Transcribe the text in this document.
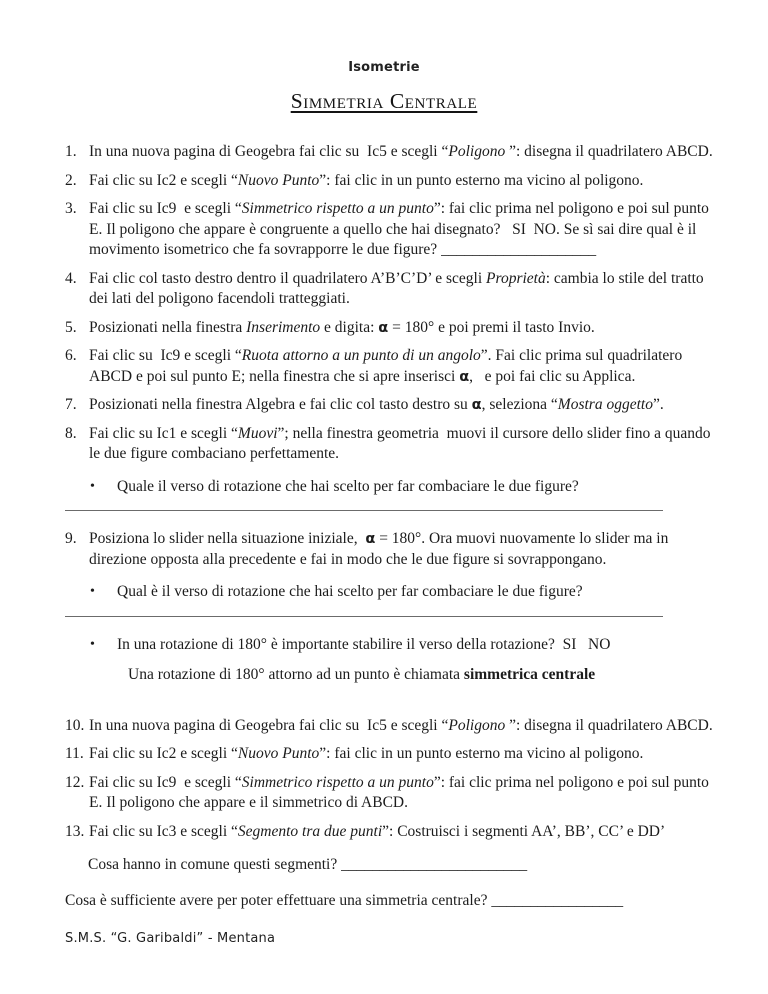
Isometrie
Simmetria Centrale
1. In una nuova pagina di Geogebra fai clic su  Ic5 e scegli “Poligono ”: disegna il quadrilatero ABCD.
2. Fai clic su Ic2 e scegli “Nuovo Punto”: fai clic in un punto esterno ma vicino al poligono.
3. Fai clic su Ic9  e scegli “Simmetrico rispetto a un punto”: fai clic prima nel poligono e poi sul punto E. Il poligono che appare è congruente a quello che hai disegnato?   SI  NO. Se sì sai dire qual è il movimento isometrico che fa sovrapporre le due figure? ____________________
4. Fai clic col tasto destro dentro il quadrilatero A’B’C’D’ e scegli Proprietà: cambia lo stile del tratto dei lati del poligono facendoli tratteggiati.
5. Posizionati nella finestra Inserimento e digita: α = 180° e poi premi il tasto Invio.
6. Fai clic su  Ic9 e scegli “Ruota attorno a un punto di un angolo”. Fai clic prima sul quadrilatero ABCD e poi sul punto E; nella finestra che si apre inserisci α,   e poi fai clic su Applica.
7. Posizionati nella finestra Algebra e fai clic col tasto destro su α, seleziona “Mostra oggetto”.
8. Fai clic su Ic1 e scegli “Muovi”; nella finestra geometria  muovi il cursore dello slider fino a quando le due figure combaciano perfettamente.
•	Quale il verso di rotazione che hai scelto per far combaciare le due figure?
9. Posiziona lo slider nella situazione iniziale,  α = 180°. Ora muovi nuovamente lo slider ma in direzione opposta alla precedente e fai in modo che le due figure si sovrappongano.
•	Qual è il verso di rotazione che hai scelto per far combaciare le due figure?
•	In una rotazione di 180° è importante stabilire il verso della rotazione?  SI   NO
Una rotazione di 180° attorno ad un punto è chiamata simmetrica centrale
10. In una nuova pagina di Geogebra fai clic su  Ic5 e scegli “Poligono ”: disegna il quadrilatero ABCD.
11. Fai clic su Ic2 e scegli “Nuovo Punto”: fai clic in un punto esterno ma vicino al poligono.
12. Fai clic su Ic9  e scegli “Simmetrico rispetto a un punto”: fai clic prima nel poligono e poi sul punto E. Il poligono che appare e il simmetrico di ABCD.
13. Fai clic su Ic3 e scegli “Segmento tra due punti”: Costruisci i segmenti AA’, BB’, CC’ e DD’
Cosa hanno in comune questi segmenti? ________________________
Cosa è sufficiente avere per poter effettuare una simmetria centrale? _________________
S.M.S. “G. Garibaldi” - Mentana
